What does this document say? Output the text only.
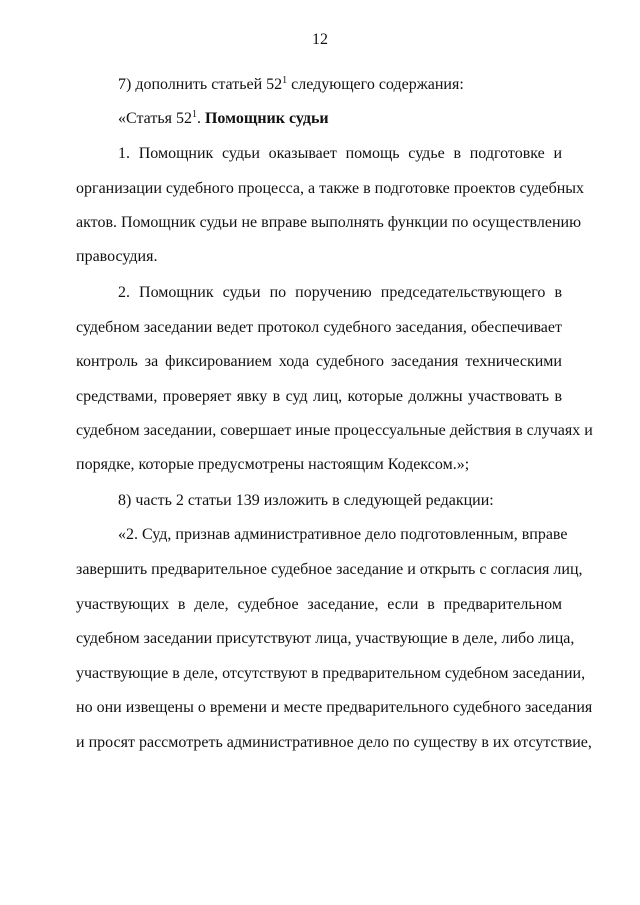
12
7) дополнить статьей $52^1$ следующего содержания:
«Статья $52^1$. Помощник судьи
1. Помощник судьи оказывает помощь судье в подготовке и
организации судебного процесса, а также в подготовке проектов судебных
актов. Помощник судьи не вправе выполнять функции по осуществлению
правосудия.
2. Помощник судьи по поручению председательствующего в
судебном заседании ведет протокол судебного заседания, обеспечивает
контроль за фиксированием хода судебного заседания техническими
средствами, проверяет явку в суд лиц, которые должны участвовать в
судебном заседании, совершает иные процессуальные действия в случаях и
порядке, которые предусмотрены настоящим Кодексом.»;
8) часть 2 статьи 139 изложить в следующей редакции:
«2. Суд, признав административное дело подготовленным, вправе
завершить предварительное судебное заседание и открыть с согласия лиц,
участвующих в деле, судебное заседание, если в предварительном
судебном заседании присутствуют лица, участвующие в деле, либо лица,
участвующие в деле, отсутствуют в предварительном судебном заседании,
но они извещены о времени и месте предварительного судебного заседания
и просят рассмотреть административное дело по существу в их отсутствие,
